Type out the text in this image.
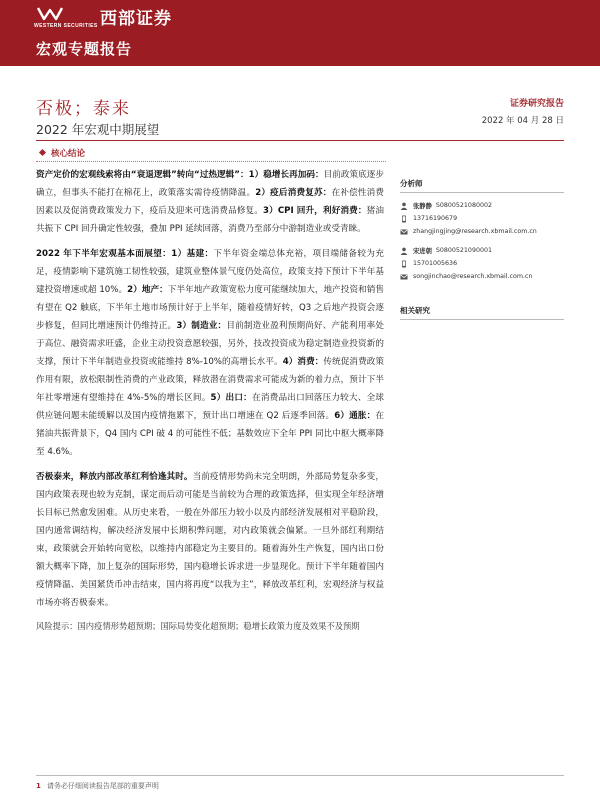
WESTERN SECURITIES 西部证券
宏观专题报告
否极；泰来
2022 年宏观中期展望
证券研究报告
2022 年 04 月 28 日
核心结论

资产定价的宏观线索将由“衰退逻辑”转向“过热逻辑”：1）稳增长再加码：目前政策底逐步确立，但事头不能打在棉花上，政策落实需待疫情降温。2）疫后消费复苏：在补偿性消费因素以及促消费政策发力下，疫后及迎来可选消费品修复。3）CPI 回升，利好消费：猪油共振下 CPI 回升确定性较强，叠加 PPI 延续回落，消费乃至部分中游制造业或受青睐。

2022 年下半年宏观基本面展望：1）基建：下半年资金端总体充裕，项目端储备较为充足，疫情影响下建筑施工韧性较强，建筑业整体景气度仍处高位，政策支持下预计下半年基建投资增速或超 10%。2）地产：下半年地产政策宽松力度可能继续加大，地产投资和销售有望在 Q2 触底，下半年土地市场预计好于上半年，随着疫情好转，Q3 之后地产投资会逐步修复，但同比增速预计仍维持正。3）制造业：目前制造业盈利预期尚好、产能利用率处于高位、融资需求旺盛，企业主动投资意愿较强，另外，技改投资成为稳定制造业投资新的支撑，预计下半年制造业投资或能维持 8%-10%的高增长水平。4）消费：传统促消费政策作用有限，放松限制性消费的产业政策，释放潜在消费需求可能成为新的着力点，预计下半年社零增速有望维持在 4%-5%的增长区间。5）出口：在消费品出口回落压力较大、全球供应链问题未能缓解以及国内疫情拖累下，预计出口增速在 Q2 后逐季回落。6）通胀：在猪油共振背景下，Q4 国内 CPI 破 4 的可能性不低；基数效应下全年 PPI 同比中枢大概率降至 4.6%。

否极泰来，释放内部改革红利恰逢其时。当前疫情形势尚未完全明朗，外部局势复杂多变，国内政策表现也较为克制，谋定而后动可能是当前较为合理的政策选择，但实现全年经济增长目标已然愈发困难。从历史来看，一般在外部压力较小以及内部经济发展相对平稳阶段，国内通常调结构，解决经济发展中长期积弊问题，对内政策就会偏紧。一旦外部红利期结束，政策就会开始转向宽松，以维持内部稳定为主要目的。随着海外生产恢复，国内出口份额大概率下降，加上复杂的国际形势，国内稳增长诉求进一步显现化。预计下半年随着国内疫情降温、美国紧货币冲击结束，国内将再度“以我为主”，释放改革红利，宏观经济与权益市场亦将否极泰来。

风险提示：国内疫情形势超预期；国际局势变化超预期；稳增长政策力度及效果不及预期

分析师
张静静 S0800521080002
13716190679
zhangjingjing@research.xbmail.com.cn
宋进朝 S0800521090001
15701005636
songjinchao@research.xbmail.com.cn
相关研究
1 请务必仔细阅读报告尾部的重要声明
